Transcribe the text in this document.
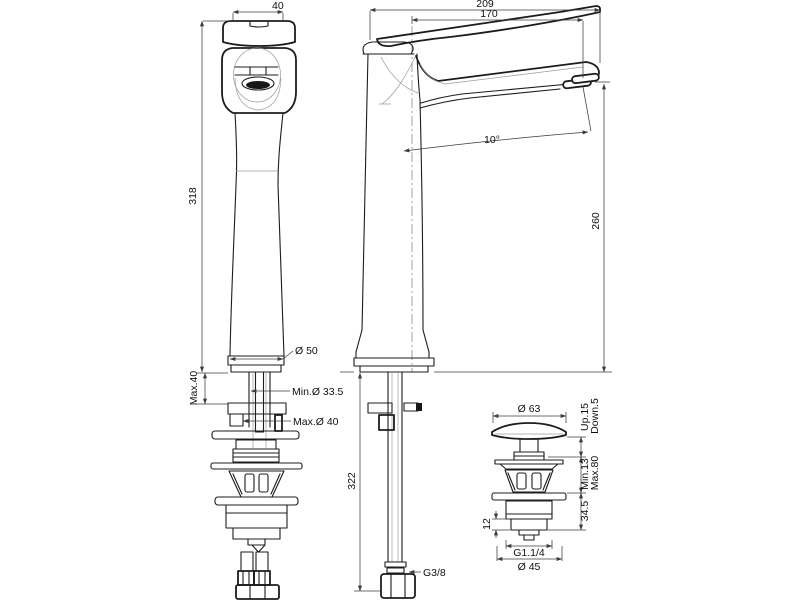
40
318
Max.40	Min.Ø 33.5
Max.Ø 40
Ø 50
209
170
10°
260
322
G3/8
Ø 63	Up.15
Down.5
Min.13
Max.80
34.5
12
G1.1/4
Ø 45
